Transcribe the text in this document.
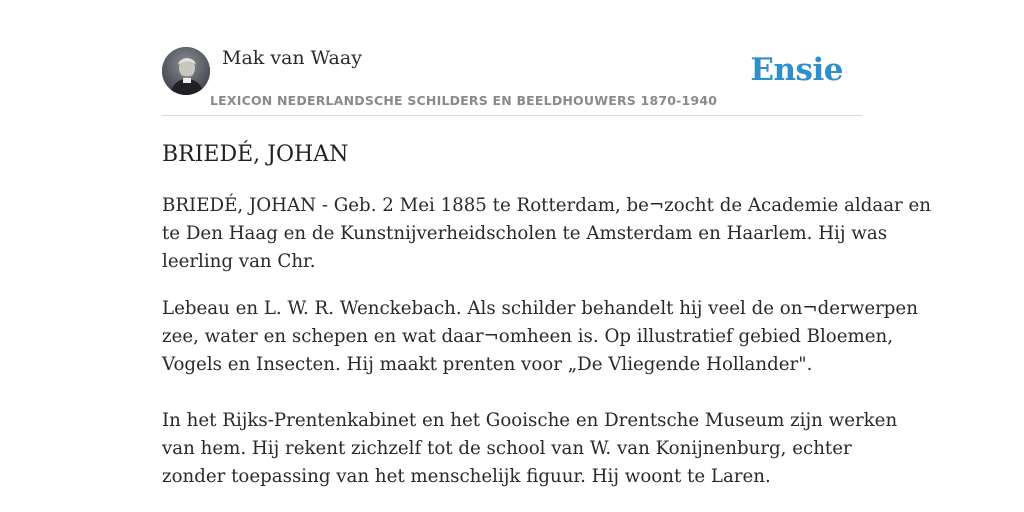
Mak van Waay
LEXICON NEDERLANDSCHE SCHILDERS EN BEELDHOUWERS 1870-1940
Ensie
BRIEDÉ, JOHAN

BRIEDÉ, JOHAN - Geb. 2 Mei 1885 te Rotterdam, be¬zocht de Academie aldaar en
te Den Haag en de Kunstnijverheidscholen te Amsterdam en Haarlem. Hij was
leerling van Chr.

Lebeau en L. W. R. Wenckebach. Als schilder behandelt hij veel de on¬derwerpen
zee, water en schepen en wat daar¬omheen is. Op illustratief gebied Bloemen,
Vogels en Insecten. Hij maakt prenten voor „De Vliegende Hollander".

In het Rijks-Prentenkabinet en het Gooische en Drentsche Museum zijn werken
van hem. Hij rekent zichzelf tot de school van W. van Konijnenburg, echter
zonder toepassing van het menschelijk figuur. Hij woont te Laren.
